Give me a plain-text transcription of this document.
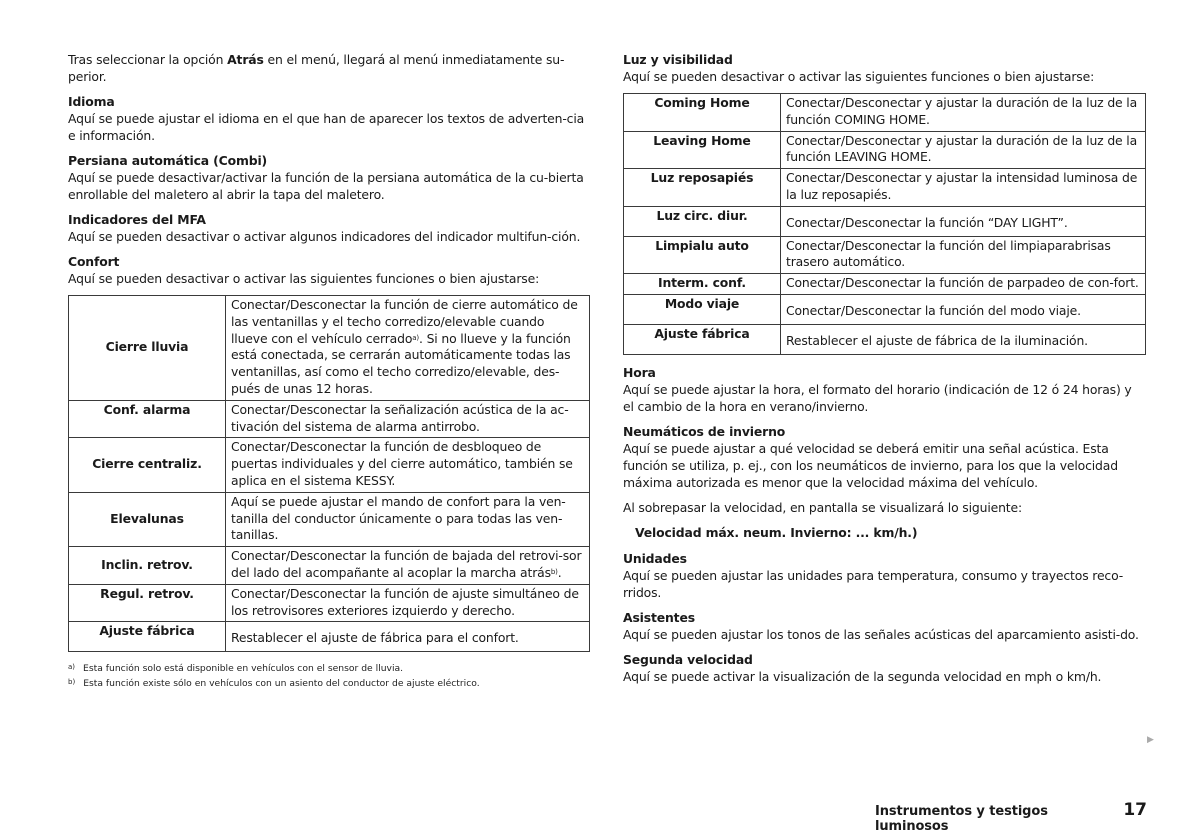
Tras seleccionar la opción Atrás en el menú, llegará al menú inmediatamente su-perior.

Idioma

Aquí se puede ajustar el idioma en el que han de aparecer los textos de adverten-cia e información.

Persiana automática (Combi)

Aquí se puede desactivar/activar la función de la persiana automática de la cu-bierta enrollable del maletero al abrir la tapa del maletero.

Indicadores del MFA

Aquí se pueden desactivar o activar algunos indicadores del indicador multifun-ción.

Confort

Aquí se pueden desactivar o activar las siguientes funciones o bien ajustarse:

Cierre lluvia	Conectar/Desconectar la función de cierre automático de las ventanillas y el techo corredizo/elevable cuando llueve con el vehículo cerrado$^{a)}$. Si no llueve y la función está conectada, se cerrarán automáticamente todas las ventanillas, así como el techo corredizo/elevable, des-pués de unas 12 horas.
Conf. alarma	Conectar/Desconectar la señalización acústica de la ac-tivación del sistema de alarma antirrobo.
Cierre centraliz.	Conectar/Desconectar la función de desbloqueo de puertas individuales y del cierre automático, también se aplica en el sistema KESSY.
Elevalunas	Aquí se puede ajustar el mando de confort para la ven-tanilla del conductor únicamente o para todas las ven-tanillas.
Inclin. retrov.	Conectar/Desconectar la función de bajada del retrovi-sor del lado del acompañante al acoplar la marcha atrás$^{b)}$.
Regul. retrov.	Conectar/Desconectar la función de ajuste simultáneo de los retrovisores exteriores izquierdo y derecho.
Ajuste fábrica	Restablecer el ajuste de fábrica para el confort.
$^{a)}$ Esta función solo está disponible en vehículos con el sensor de lluvia.
$^{b)}$ Esta función existe sólo en vehículos con un asiento del conductor de ajuste eléctrico.
Luz y visibilidad

Aquí se pueden desactivar o activar las siguientes funciones o bien ajustarse:

Coming Home	Conectar/Desconectar y ajustar la duración de la luz de la función COMING HOME.
Leaving Home	Conectar/Desconectar y ajustar la duración de la luz de la función LEAVING HOME.
Luz reposapiés	Conectar/Desconectar y ajustar la intensidad luminosa de la luz reposapiés.
Luz circ. diur.	Conectar/Desconectar la función “DAY LIGHT”.
Limpialu auto	Conectar/Desconectar la función del limpiaparabrisas trasero automático.
Interm. conf.	Conectar/Desconectar la función de parpadeo de con-fort.
Modo viaje	Conectar/Desconectar la función del modo viaje.
Ajuste fábrica	Restablecer el ajuste de fábrica de la iluminación.
Hora

Aquí se puede ajustar la hora, el formato del horario (indicación de 12 ó 24 horas) y el cambio de la hora en verano/invierno.

Neumáticos de invierno

Aquí se puede ajustar a qué velocidad se deberá emitir una señal acústica. Esta función se utiliza, p. ej., con los neumáticos de invierno, para los que la velocidad máxima autorizada es menor que la velocidad máxima del vehículo.

Al sobrepasar la velocidad, en pantalla se visualizará lo siguiente:

Velocidad máx. neum. Invierno: ... km/h.)

Unidades

Aquí se pueden ajustar las unidades para temperatura, consumo y trayectos reco-rridos.

Asistentes

Aquí se pueden ajustar los tonos de las señales acústicas del aparcamiento asisti-do.

Segunda velocidad

Aquí se puede activar la visualización de la segunda velocidad en mph o km/h.

▶
Instrumentos y testigos luminosos
17
